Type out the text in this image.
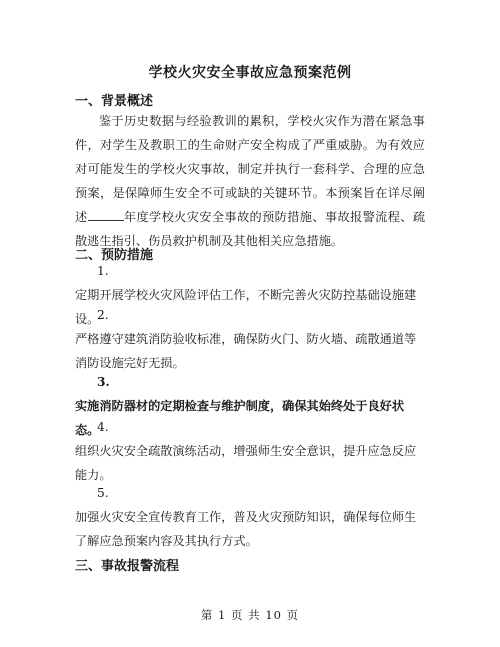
学校火灾安全事故应急预案范例
一、背景概述
鉴于历史数据与经验教训的累积，学校火灾作为潜在紧急事件，对学生及教职工的生命财产安全构成了严重威胁。为有效应对可能发生的学校火灾事故，制定并执行一套科学、合理的应急预案，是保障师生安全不可或缺的关键环节。本预案旨在详尽阐述	年度学校火灾安全事故的预防措施、事故报警流程、疏散逃生指引、伤员救护机制及其他相关应急措施。
二、预防措施
1.
定期开展学校火灾风险评估工作，不断完善火灾防控基础设施建设。
2.
严格遵守建筑消防验收标准，确保防火门、防火墙、疏散通道等消防设施完好无损。
3.
实施消防器材的定期检查与维护制度，确保其始终处于良好状态。
4.
组织火灾安全疏散演练活动，增强师生安全意识，提升应急反应能力。
5.
加强火灾安全宣传教育工作，普及火灾预防知识，确保每位师生了解应急预案内容及其执行方式。
三、事故报警流程
第 1 页 共 10 页
